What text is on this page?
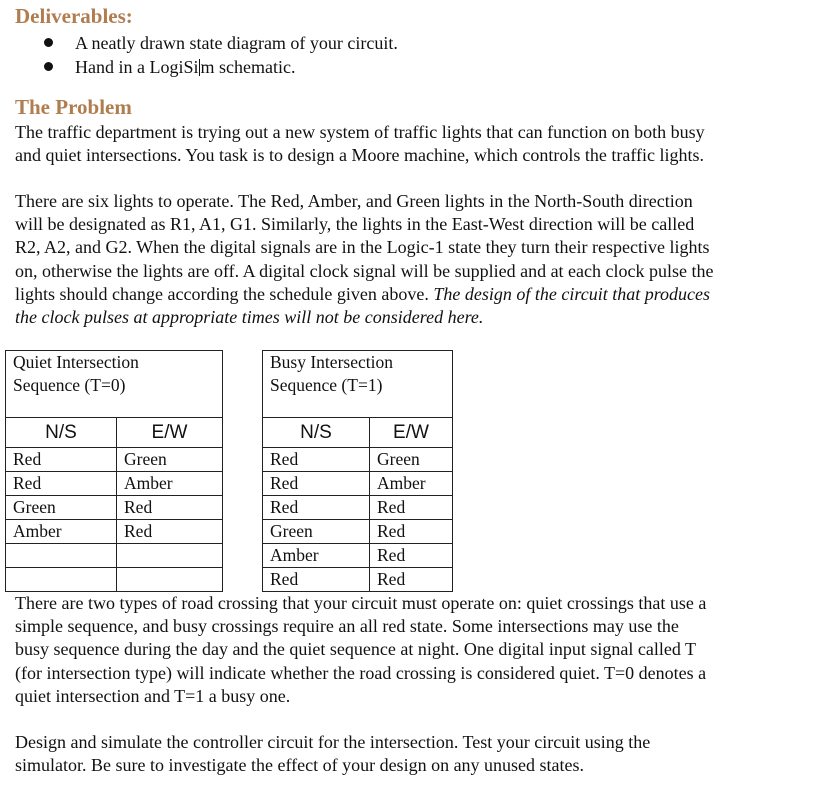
Deliverables:
A neatly drawn state diagram of your circuit.
Hand in a LogiSi m schematic.
The Problem
The traffic department is trying out a new system of traffic lights that can function on both busy
and quiet intersections. You task is to design a Moore machine, which controls the traffic lights.
There are six lights to operate. The Red, Amber, and Green lights in the North-South direction
will be designated as R1, A1, G1. Similarly, the lights in the East-West direction will be called
R2, A2, and G2. When the digital signals are in the Logic-1 state they turn their respective lights
on, otherwise the lights are off. A digital clock signal will be supplied and at each clock pulse the
lights should change according the schedule given above. The design of the circuit that produces
the clock pulses at appropriate times will not be considered here.
Quiet Intersection
Sequence (T=0)	

N/S	E/W
Red	Green
Red	Amber
Green	Red
Amber	Red

Busy Intersection
Sequence (T=1)	

N/S	E/W
Red	Green
Red	Amber
Red	Red
Green	Red
Amber	Red
Red	Red
There are two types of road crossing that your circuit must operate on: quiet crossings that use a
simple sequence, and busy crossings require an all red state. Some intersections may use the
busy sequence during the day and the quiet sequence at night. One digital input signal called T
(for intersection type) will indicate whether the road crossing is considered quiet. T=0 denotes a
quiet intersection and T=1 a busy one.
Design and simulate the controller circuit for the intersection. Test your circuit using the
simulator. Be sure to investigate the effect of your design on any unused states.
